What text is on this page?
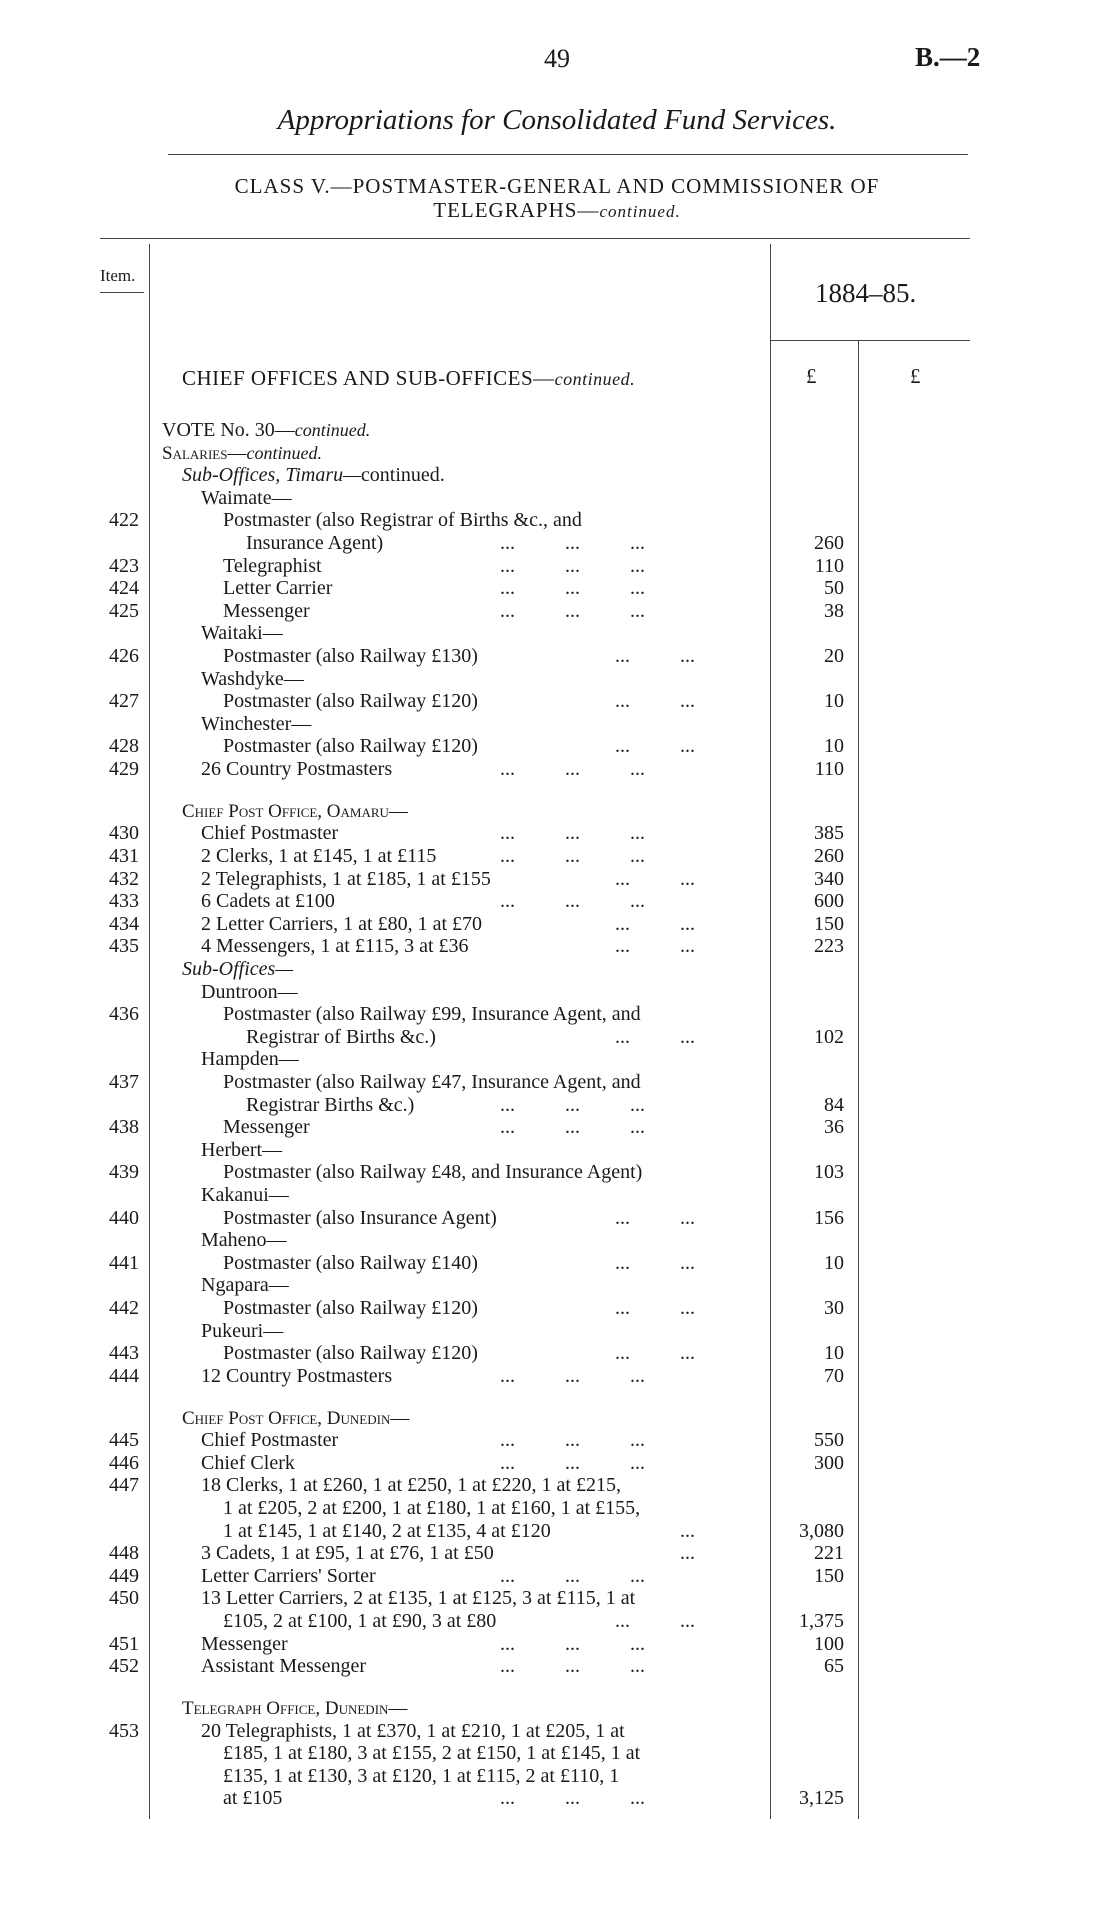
49	B.—2
Appropriations for Consolidated Fund Services.
CLASS V.—POSTMASTER-GENERAL AND COMMISSIONER OF
TELEGRAPHS—continued.
Item.
1884–85.
£	£
CHIEF OFFICES AND SUB-OFFICES—continued.
VOTE No. 30—continued.
Salaries—continued.
Sub-Offices, Timaru—continued.
Waimate—
422	Postmaster (also Registrar of Births &c., and
Insurance Agent)	...          ...          ...	260
423	Telegraphist	...          ...          ...	110
424	Letter Carrier	...          ...          ...	50
425	Messenger	...          ...          ...	38
Waitaki—
426	Postmaster (also Railway £130) ...          ...	20
Washdyke—
427	Postmaster (also Railway £120) ...          ...	10
Winchester—
428	Postmaster (also Railway £120) ...          ...	10
429	26 Country Postmasters	...          ...          ...	110
Chief Post Office, Oamaru—
430	Chief Postmaster	...          ...          ...	385
431	2 Clerks, 1 at £145, 1 at £115	...          ...          ...	260
432	2 Telegraphists, 1 at £185, 1 at £155 ...          ...	340
433	6 Cadets at £100	...          ...          ...	600
434	2 Letter Carriers, 1 at £80, 1 at £70 ...          ...	150
435	4 Messengers, 1 at £115, 3 at £36 ...          ...	223
Sub-Offices—
Duntroon—
436	Postmaster (also Railway £99, Insurance Agent, and
Registrar of Births &c.)	...          ...	102
Hampden—
437	Postmaster (also Railway £47, Insurance Agent, and
Registrar Births &c.)	...          ...          ...	84
438	Messenger	...          ...          ...	36
Herbert—
439	Postmaster (also Railway £48, and Insurance Agent)	103
Kakanui—
440	Postmaster (also Insurance Agent) ...          ...	156
Maheno—
441	Postmaster (also Railway £140) ...          ...	10
Ngapara—
442	Postmaster (also Railway £120) ...          ...	30
Pukeuri—
443	Postmaster (also Railway £120) ...          ...	10
444	12 Country Postmasters	...          ...          ...	70
Chief Post Office, Dunedin—
445	Chief Postmaster	...          ...          ...	550
446	Chief Clerk	...          ...          ...	300
447	18 Clerks, 1 at £260, 1 at £250, 1 at £220, 1 at £215,
1 at £205, 2 at £200, 1 at £180, 1 at £160, 1 at £155,
1 at £145, 1 at £140, 2 at £135, 4 at £120
...	3,080
448	3 Cadets, 1 at £95, 1 at £76, 1 at £50 ...	221
449	Letter Carriers' Sorter	...          ...          ...	150
450	13 Letter Carriers, 2 at £135, 1 at £125, 3 at £115, 1 at
£105, 2 at £100, 1 at £90, 3 at £80 ...          ...	1,375
451	Messenger	...          ...          ...	100
452	Assistant Messenger	...          ...          ...	65
Telegraph Office, Dunedin—
453	20 Telegraphists, 1 at £370, 1 at £210, 1 at £205, 1 at
£185, 1 at £180, 3 at £155, 2 at £150, 1 at £145, 1 at
£135, 1 at £130, 3 at £120, 1 at £115, 2 at £110, 1
at £105	...          ...          ...	3,125
